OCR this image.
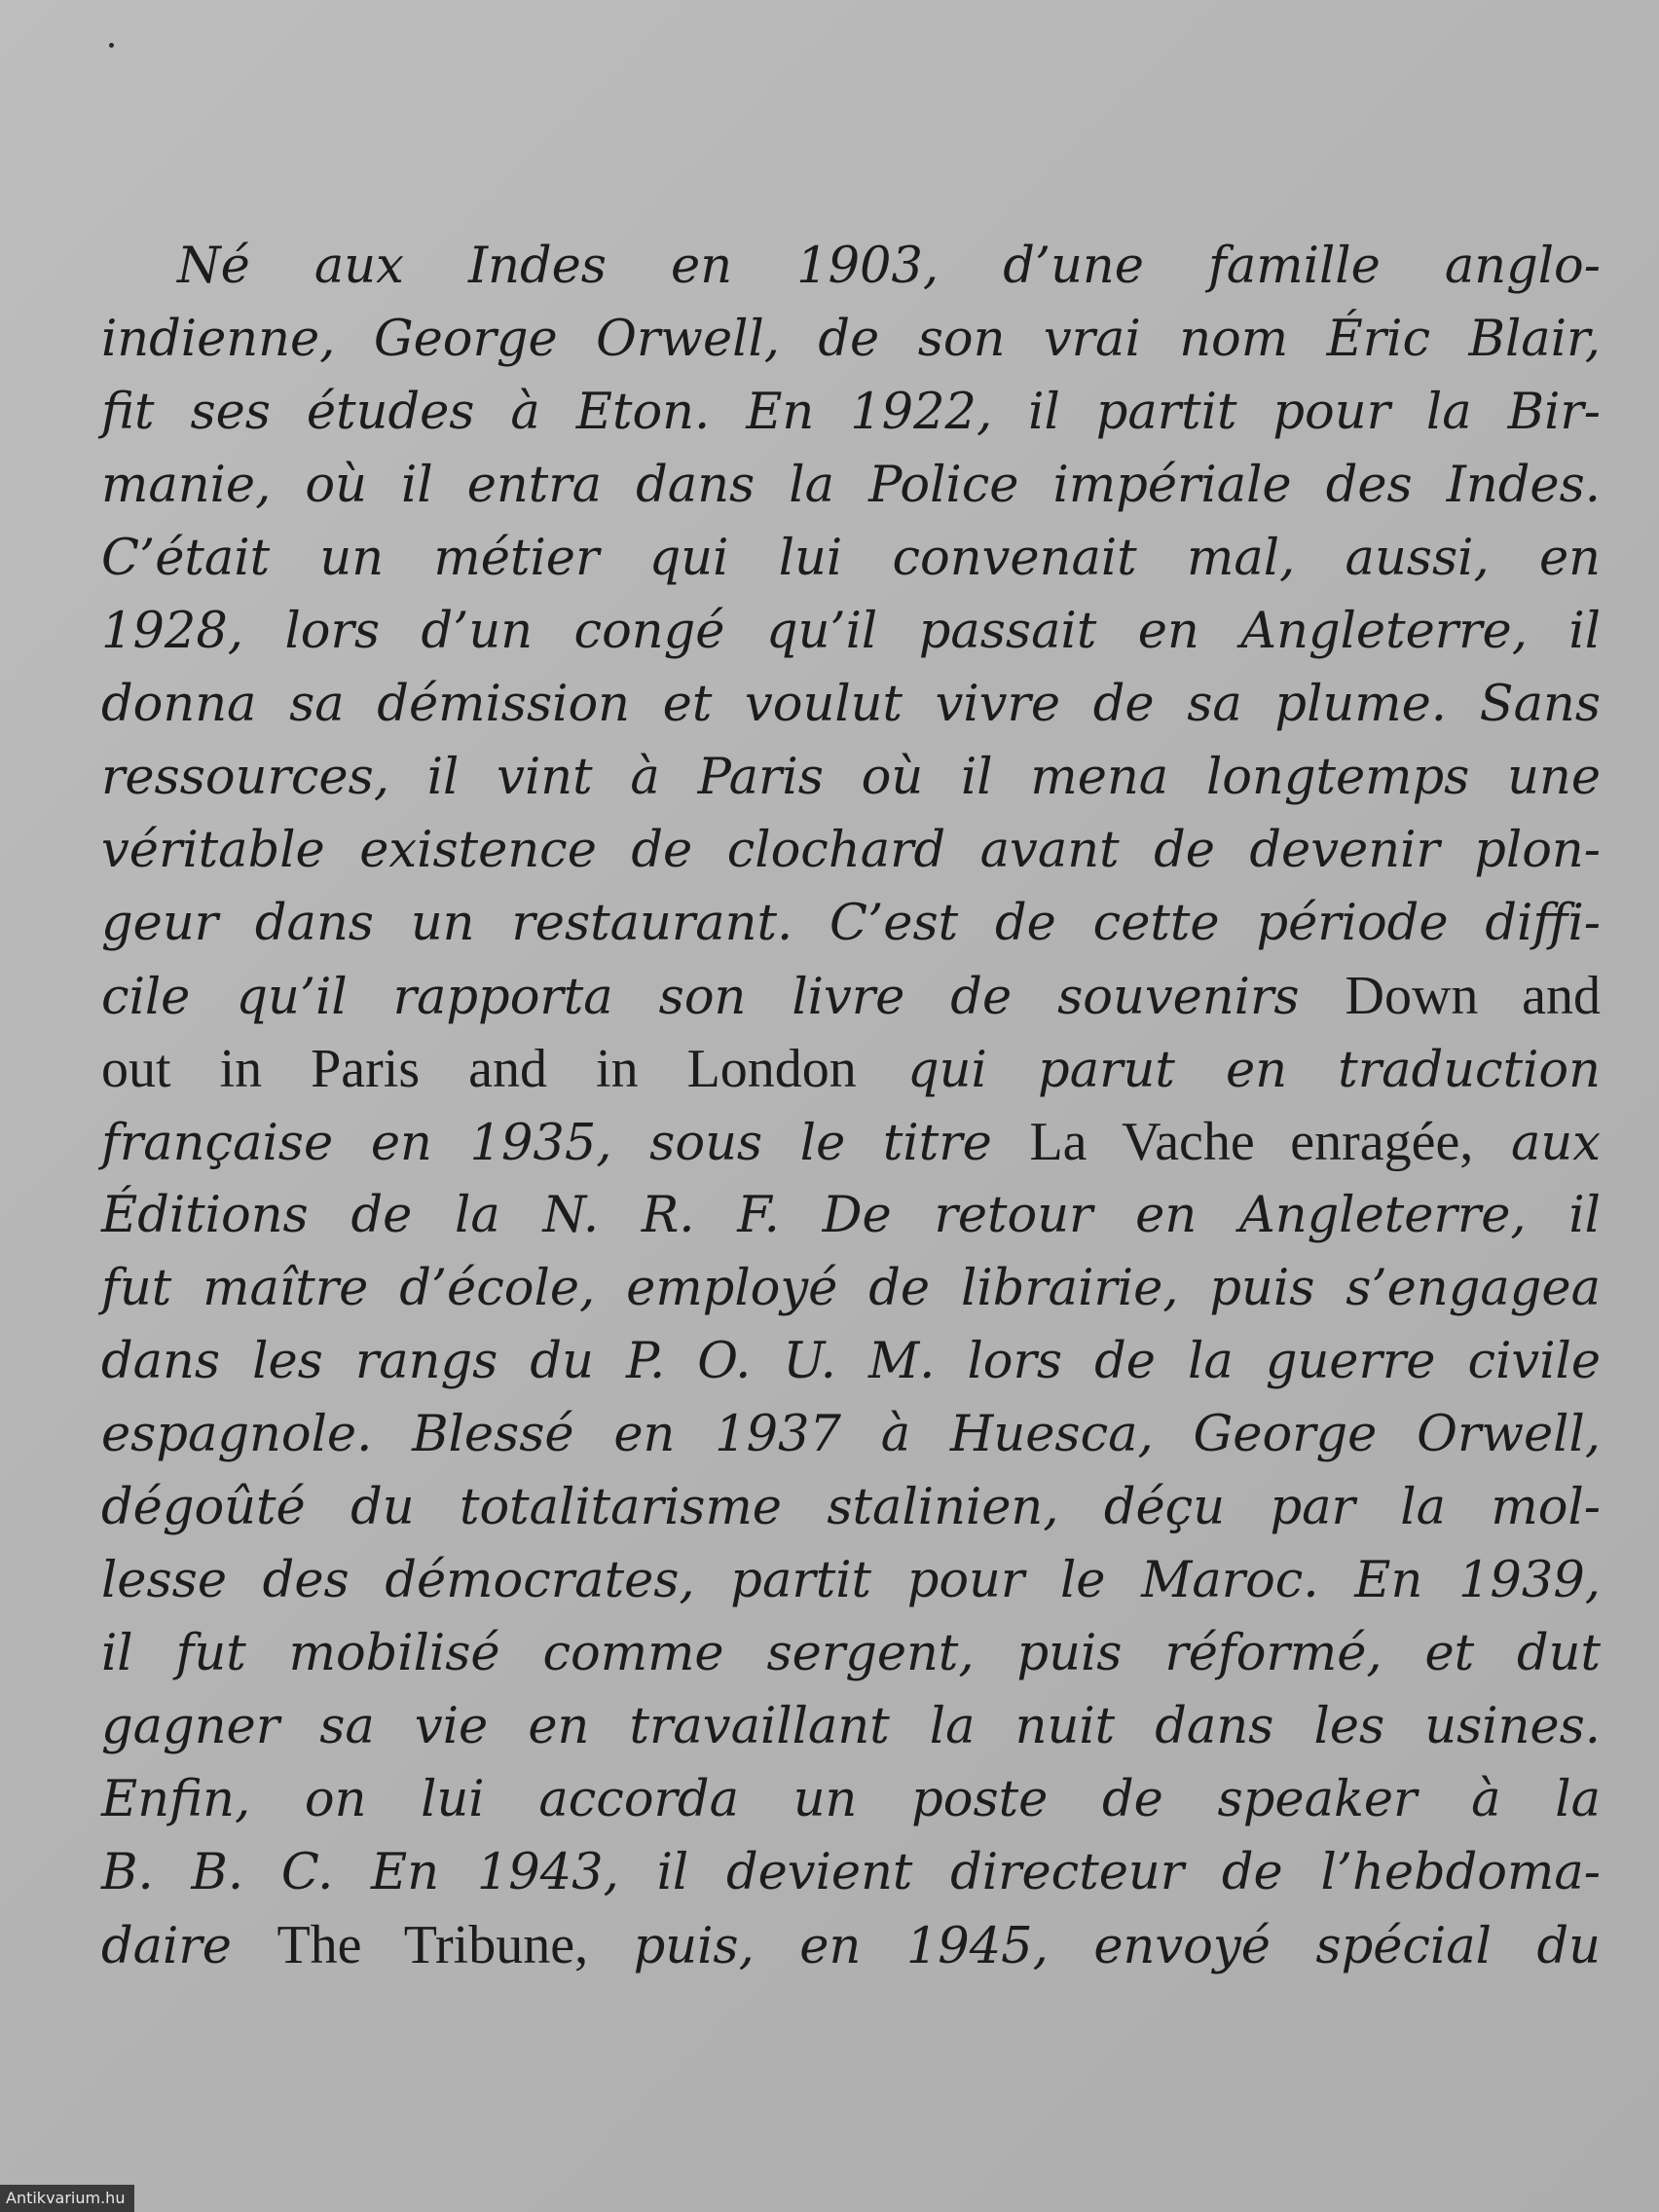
Né aux Indes en 1903, d’une famille anglo-
indienne, George Orwell, de son vrai nom Éric Blair,
fit ses études à Eton. En 1922, il partit pour la Bir-
manie, où il entra dans la Police impériale des Indes.
C’était un métier qui lui convenait mal, aussi, en
1928, lors d’un congé qu’il passait en Angleterre, il
donna sa démission et voulut vivre de sa plume. Sans
ressources, il vint à Paris où il mena longtemps une
véritable existence de clochard avant de devenir plon-
geur dans un restaurant. C’est de cette période diffi-
cile qu’il rapporta son livre de souvenirs Down and
out in Paris and in London qui parut en traduction
française en 1935, sous le titre La Vache enragée, aux
Éditions de la N. R. F. De retour en Angleterre, il
fut maître d’école, employé de librairie, puis s’engagea
dans les rangs du P. O. U. M. lors de la guerre civile
espagnole. Blessé en 1937 à Huesca, George Orwell,
dégoûté du totalitarisme stalinien, déçu par la mol-
lesse des démocrates, partit pour le Maroc. En 1939,
il fut mobilisé comme sergent, puis réformé, et dut
gagner sa vie en travaillant la nuit dans les usines.
Enfin, on lui accorda un poste de speaker à la
B. B. C. En 1943, il devient directeur de l’hebdoma-
daire The Tribune, puis, en 1945, envoyé spécial du
Antikvarium.hu
